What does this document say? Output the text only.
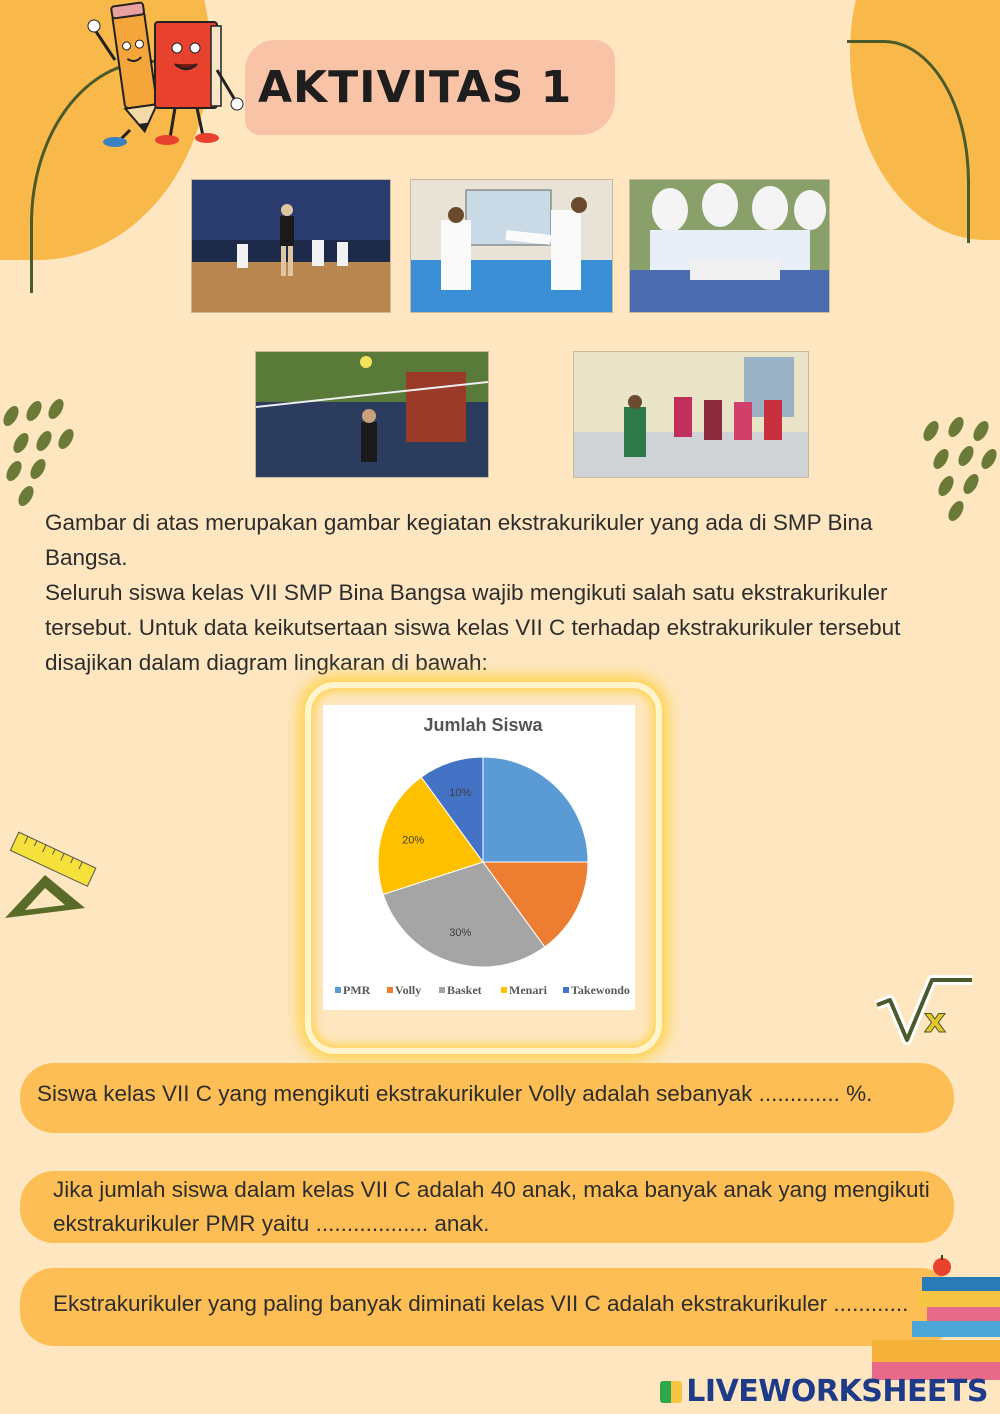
AKTIVITAS 1

Gambar di atas merupakan gambar kegiatan ekstrakurikuler yang ada di SMP Bina Bangsa.

Seluruh siswa kelas VII SMP Bina Bangsa wajib mengikuti salah satu ekstrakurikuler

tersebut. Untuk data keikutsertaan siswa kelas VII C terhadap ekstrakurikuler tersebut

disajikan dalam diagram lingkaran di bawah:

x
Jumlah Siswa
30%
20%
10%
PMR Volly Basket Menari Takewondo
Siswa kelas VII C yang mengikuti ekstrakurikuler Volly adalah sebanyak ............. %.
Jika jumlah siswa dalam kelas VII C adalah 40 anak, maka banyak anak yang mengikuti
ekstrakurikuler PMR yaitu .................. anak.
Ekstrakurikuler yang paling banyak diminati kelas VII C adalah ekstrakurikuler ............
LIVEWORKSHEETS
